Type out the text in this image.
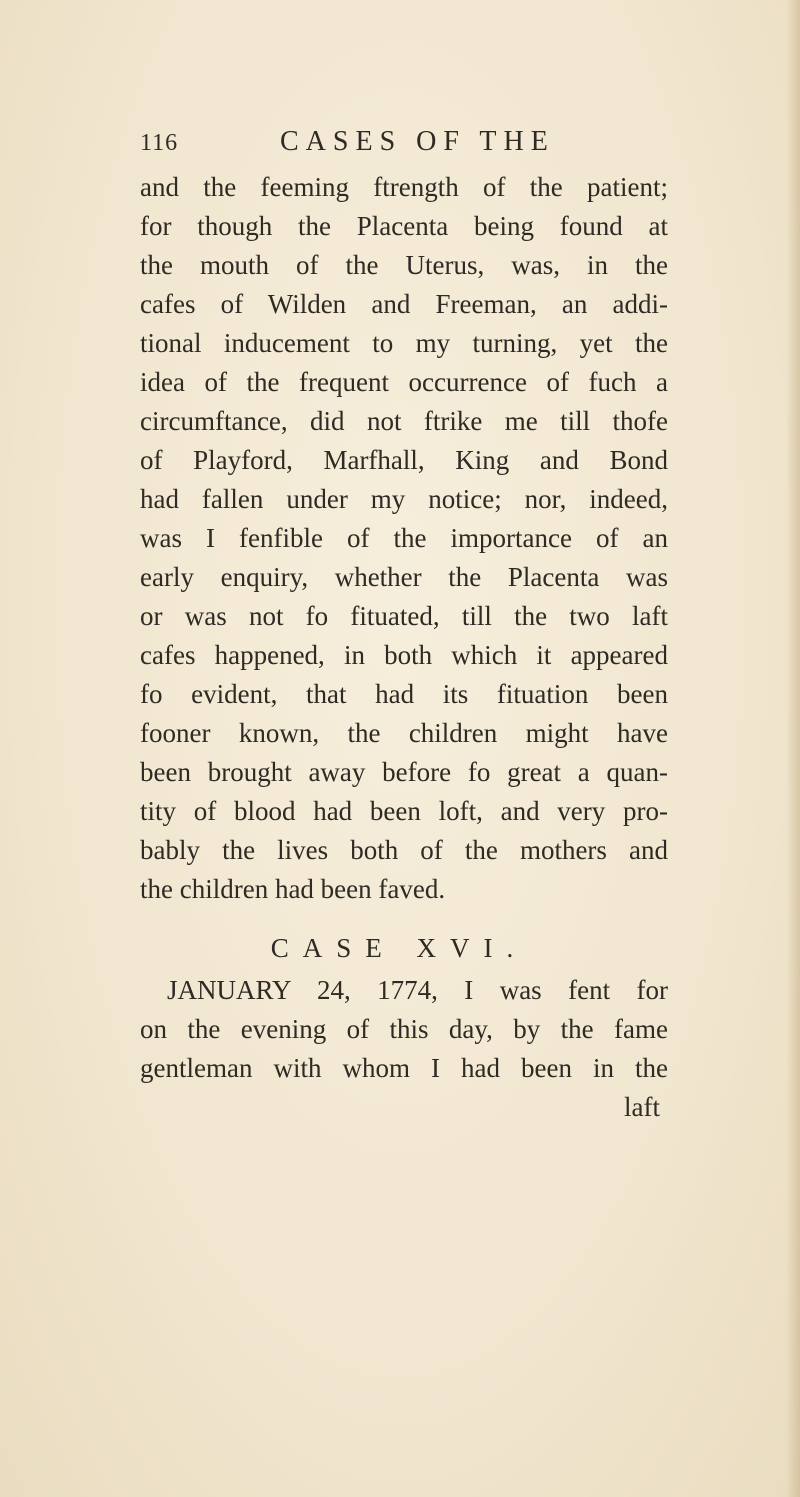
116	CASES OF THE
and the feeming ftrength of the patient;
for though the Placenta being found at
the mouth of the Uterus, was, in the
cafes of Wilden and Freeman, an addi-
tional inducement to my turning, yet the
idea of the frequent occurrence of fuch a
circumftance, did not ftrike me till thofe
of Playford, Marfhall, King and Bond
had fallen under my notice; nor, indeed,
was I fenfible of the importance of an
early enquiry, whether the Placenta was
or was not fo fituated, till the two laft
cafes happened, in both which it appeared
fo evident, that had its fituation been
fooner known, the children might have
been brought away before fo great a quan-
tity of blood had been loft, and very pro-
bably the lives both of the mothers and
the children had been faved.
CASE XVI.
JANUARY 24, 1774, I was fent for
on the evening of this day, by the fame
gentleman with whom I had been in the
laft
